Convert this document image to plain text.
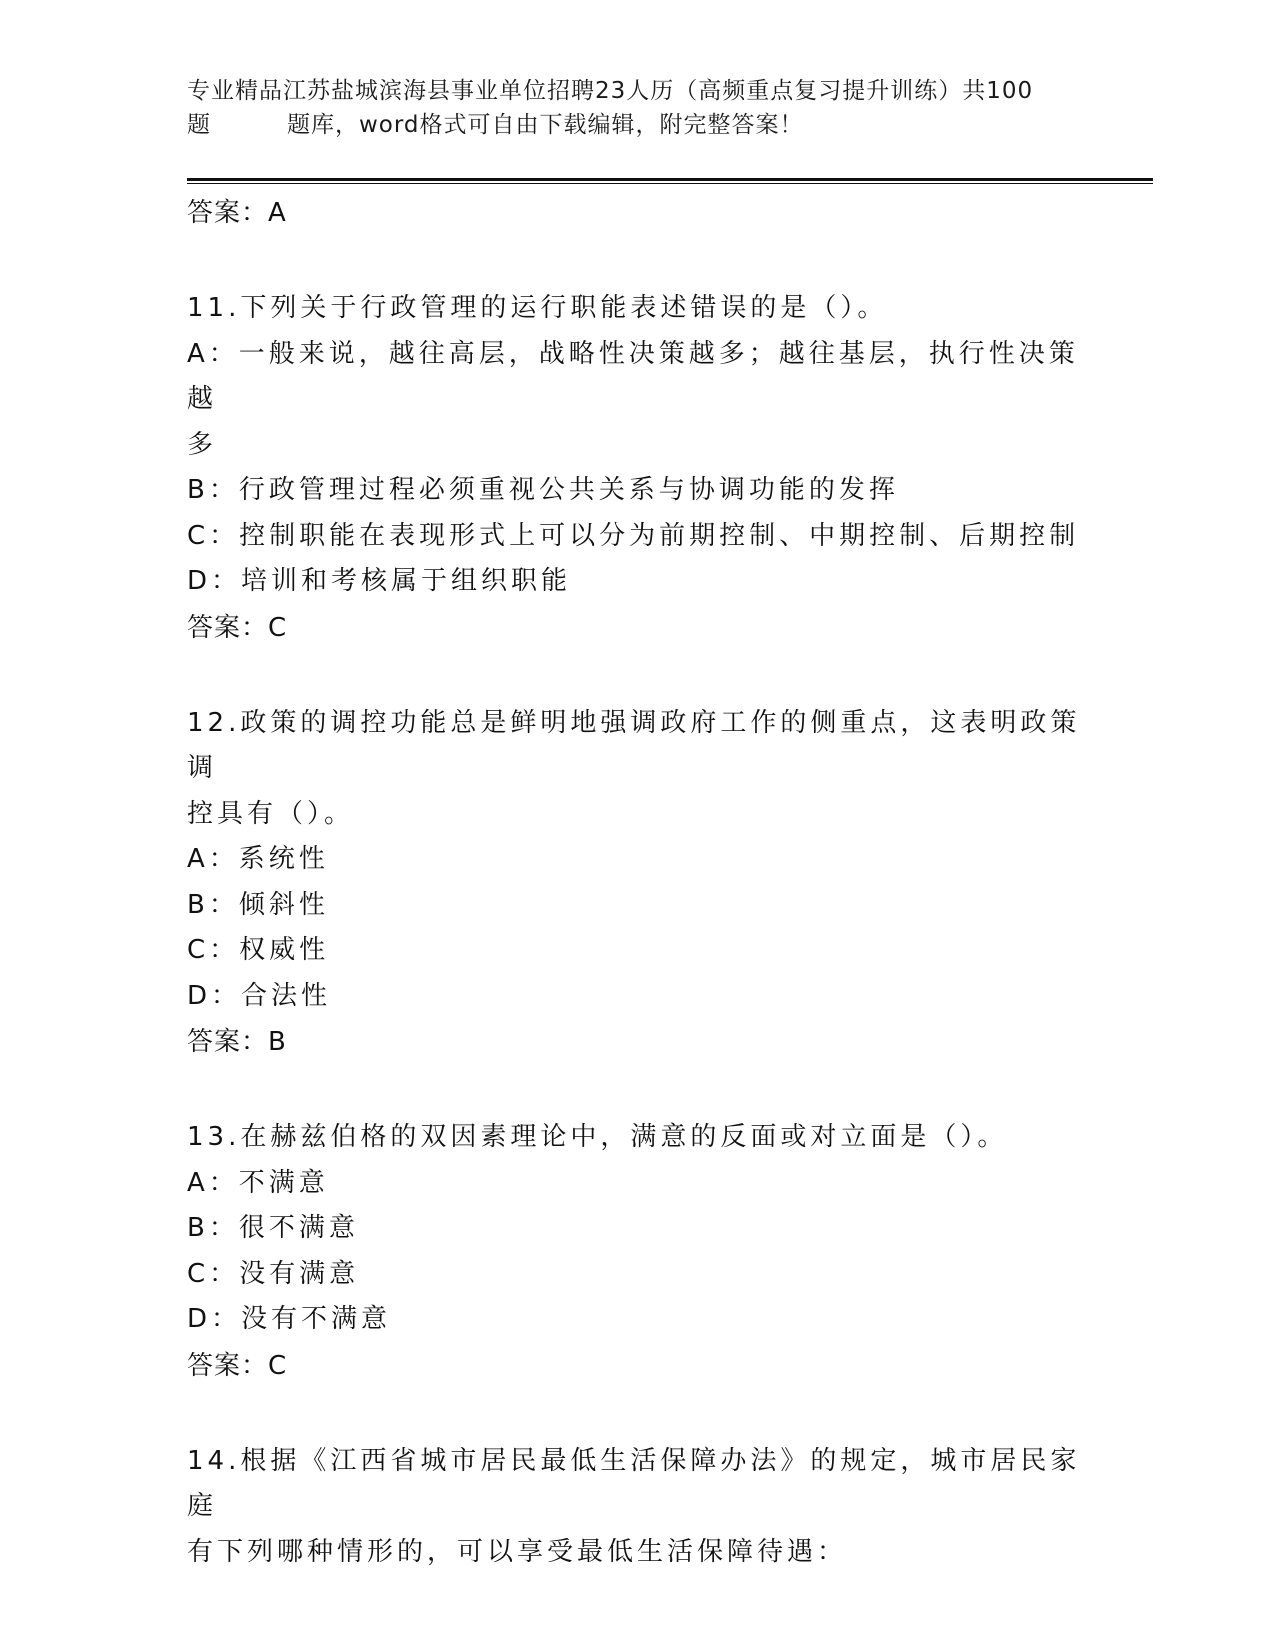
专业精品江苏盐城滨海县事业单位招聘23人历（高频重点复习提升训练）共100
题	题库，word格式可自由下载编辑，附完整答案！
答案：A

11.下列关于行政管理的运行职能表述错误的是（）。

A：一般来说，越往高层，战略性决策越多；越往基层，执行性决策越

多

B：行政管理过程必须重视公共关系与协调功能的发挥

C：控制职能在表现形式上可以分为前期控制、中期控制、后期控制

D：培训和考核属于组织职能

答案：C

12.政策的调控功能总是鲜明地强调政府工作的侧重点，这表明政策调

控具有（）。

A：系统性

B：倾斜性

C：权威性

D：合法性

答案：B

13.在赫兹伯格的双因素理论中，满意的反面或对立面是（）。

A：不满意

B：很不满意

C：没有满意

D：没有不满意

答案：C

14.根据《江西省城市居民最低生活保障办法》的规定，城市居民家庭

有下列哪种情形的，可以享受最低生活保障待遇：
